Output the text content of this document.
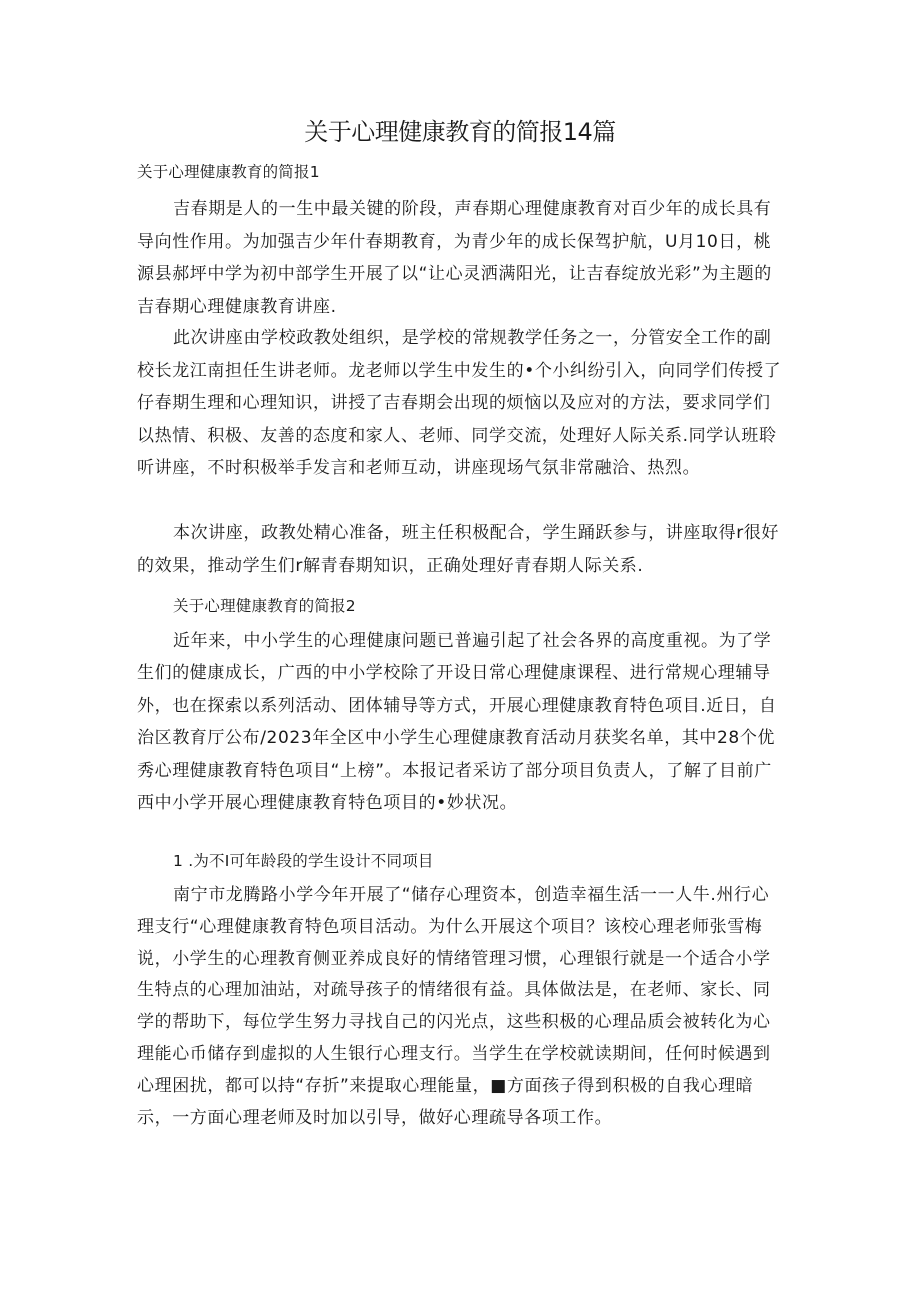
关于心理健康教育的简报14篇

关于心理健康教育的简报1

吉春期是人的一生中最关键的阶段，声春期心理健康教育对百少年的成长具有导向性作用。为加强吉少年什春期教育，为青少年的成长保驾护航，U月10日，桃源县郝坪中学为初中部学生开展了以“让心灵洒满阳光，让吉春绽放光彩”为主题的吉春期心理健康教育讲座.

此次讲座由学校政教处组织，是学校的常规教学任务之一，分管安全工作的副校长龙江南担任生讲老师。龙老师以学生中发生的•个小纠纷引入，向同学们传授了仔春期生理和心理知识，讲授了吉春期会出现的烦恼以及应对的方法，要求同学们以热情、积极、友善的态度和家人、老师、同学交流，处理好人际关系.同学认班聆听讲座，不时积极举手发言和老师互动，讲座现场气氛非常融洽、热烈。

本次讲座，政教处精心准备，班主任积极配合，学生踊跃参与，讲座取得r很好的效果，推动学生们r解青春期知识，正确处理好青春期人际关系.

关于心理健康教育的简报2

近年来，中小学生的心理健康问题已普遍引起了社会各界的高度重视。为了学生们的健康成长，广西的中小学校除了开设日常心理健康课程、进行常规心理辅导外，也在探索以系列活动、团体辅导等方式，开展心理健康教育特色项目.近日，自治区教育厅公布/2023年全区中小学生心理健康教育活动月获奖名单，其中28个优秀心理健康教育特色项目“上榜”。本报记者采访了部分项目负责人，了解了目前广西中小学开展心理健康教育特色项目的•妙状况。

1 .为不I可年龄段的学生设计不同项目

南宁市龙腾路小学今年开展了“储存心理资本，创造幸福生活一一人牛.州行心理支行“心理健康教育特色项目活动。为什么开展这个项目？该校心理老师张雪梅说，小学生的心理教育侧亚养成良好的情绪管理习惯，心理银行就是一个适合小学生特点的心理加油站，对疏导孩子的情绪很有益。具体做法是，在老师、家长、同学的帮助下，每位学生努力寻找自己的闪光点，这些积极的心理品质会被转化为心理能心币储存到虚拟的人生银行心理支行。当学生在学校就读期间，任何时候遇到心理困扰，都可以持“存折”来提取心理能量，■方面孩子得到积极的自我心理暗示，一方面心理老师及时加以引导，做好心理疏导各项工作。
